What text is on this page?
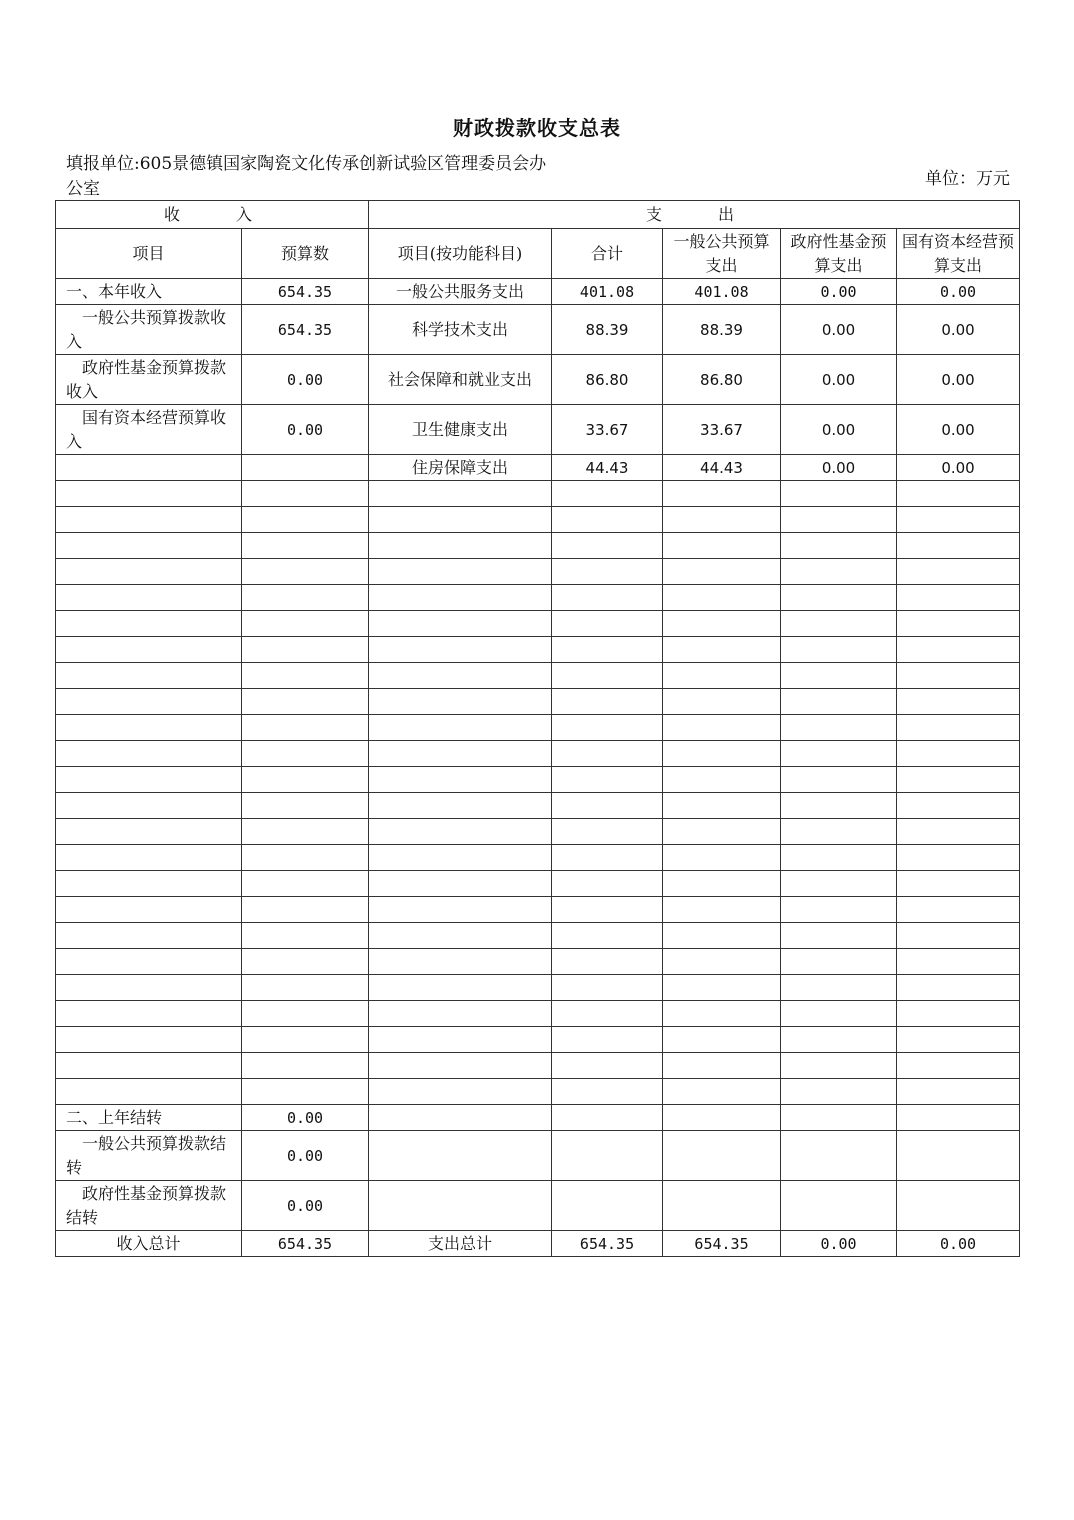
财政拨款收支总表
填报单位:605景德镇国家陶瓷文化传承创新试验区管理委员会办公室	单位：万元
收　　入		支　　出				
项目	预算数	项目(按功能科目)	合计	一般公共预算支出	政府性基金预算支出	国有资本经营预算支出
一、本年收入	654.35	一般公共服务支出	401.08	401.08	0.00	0.00
一般公共预算拨款收入	654.35	科学技术支出	88.39	88.39	0.00	0.00
政府性基金预算拨款收入	0.00	社会保障和就业支出	86.80	86.80	0.00	0.00
国有资本经营预算收入	0.00	卫生健康支出	33.67	33.67	0.00	0.00
		住房保障支出	44.43	44.43	0.00	0.00

二、上年结转	0.00					
一般公共预算拨款结转	0.00					
政府性基金预算拨款结转	0.00					
收入总计	654.35	支出总计	654.35	654.35	0.00	0.00
